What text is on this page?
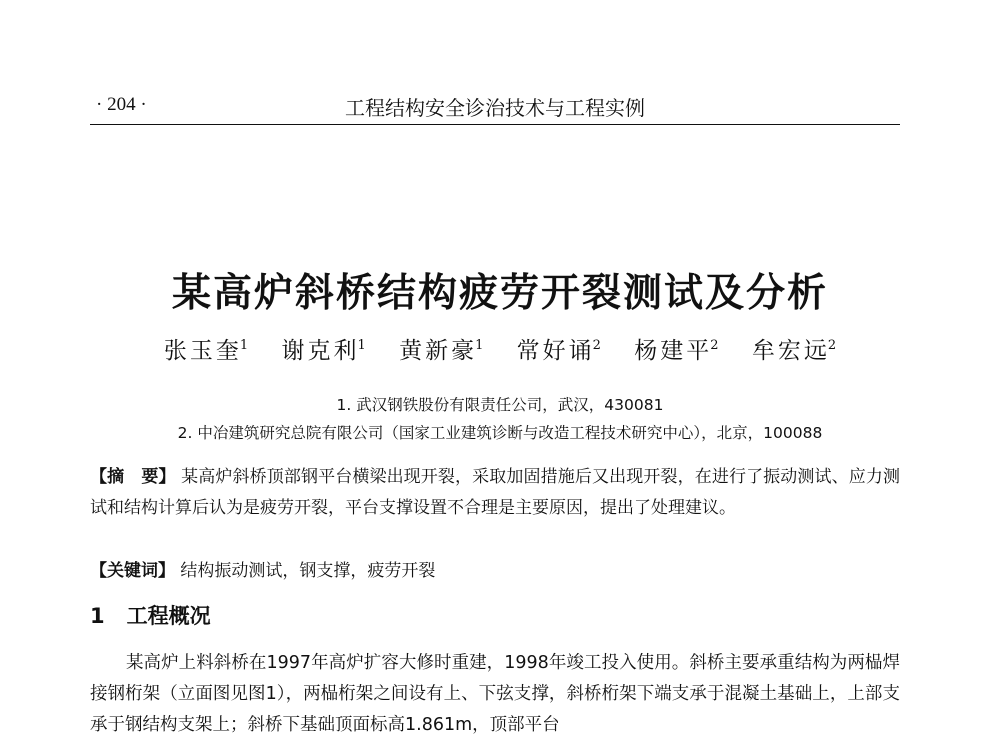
· 204 ·	工程结构安全诊治技术与工程实例
某高炉斜桥结构疲劳开裂测试及分析
张玉奎$^1$ 谢克利$^1$ 黄新豪$^1$ 常好诵$^2$ 杨建平$^2$ 牟宏远$^2$
1. 武汉钢铁股份有限责任公司，武汉，430081
2. 中冶建筑研究总院有限公司（国家工业建筑诊断与改造工程技术研究中心），北京，100088
【摘　要】 某高炉斜桥顶部钢平台横梁出现开裂，采取加固措施后又出现开裂，在进行了振动测试、应力测试和结构计算后认为是疲劳开裂，平台支撑设置不合理是主要原因，提出了处理建议。
【关键词】 结构振动测试，钢支撑，疲劳开裂
1 工程概况
某高炉上料斜桥在1997年高炉扩容大修时重建，1998年竣工投入使用。斜桥主要承重结构为两榀焊接钢桁架（立面图见图1），两榀桁架之间设有上、下弦支撑，斜桥桁架下端支承于混凝土基础上，上部支承于钢结构支架上；斜桥下基础顶面标高1.861m，顶部平台
